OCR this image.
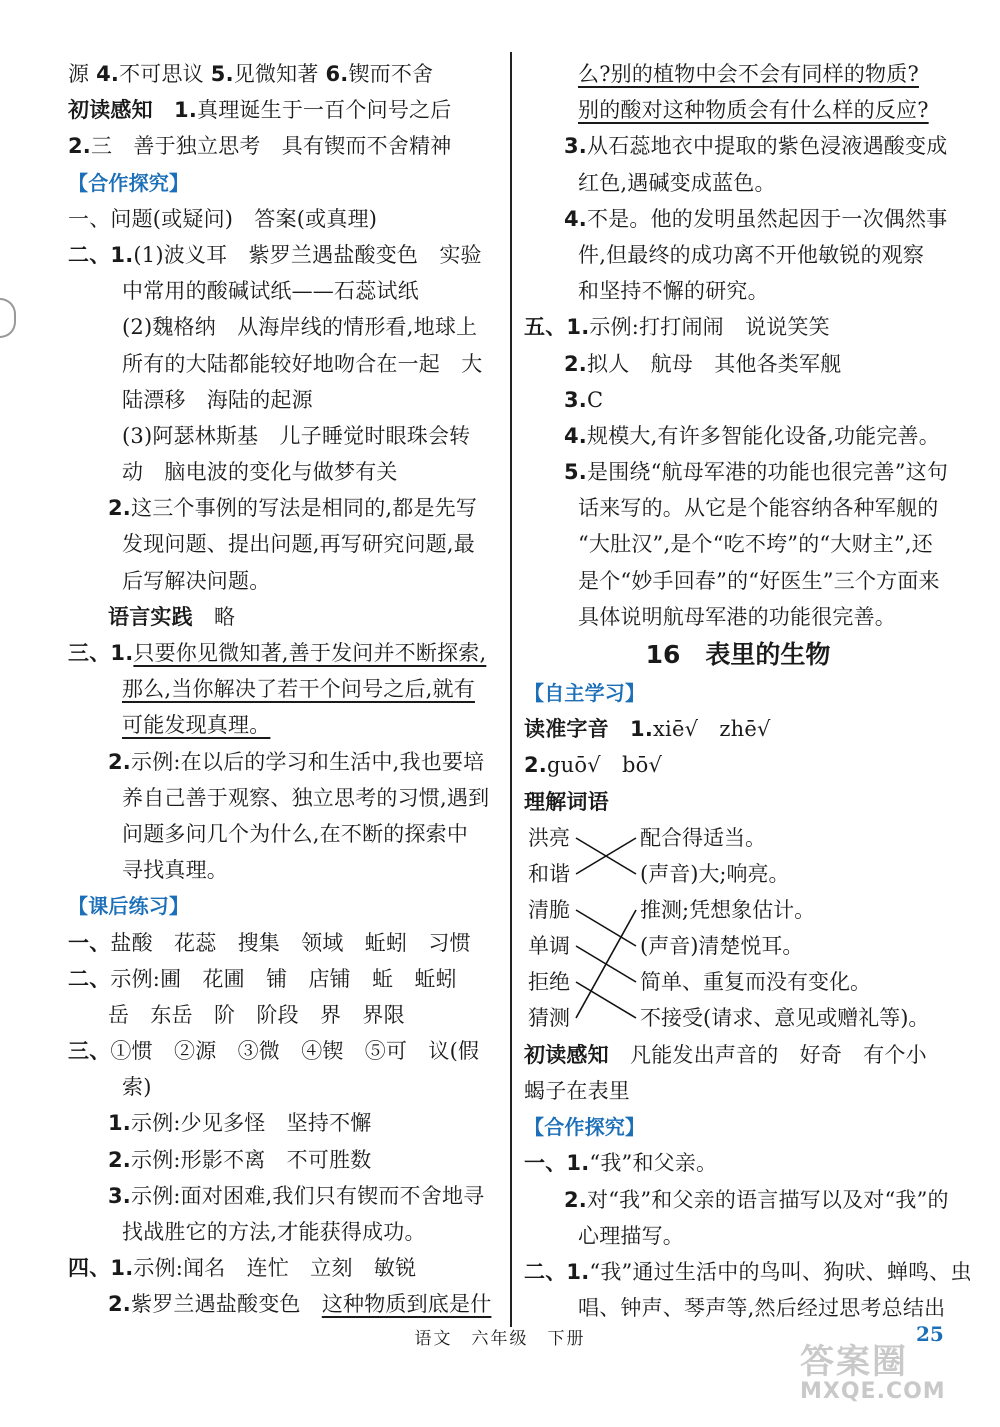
源 4.不可思议 5.见微知著 6.锲而不舍
初读感知　 1.真理诞生于一百个问号之后
2.三　善于独立思考　具有锲而不舍精神
【合作探究】
一、问题(或疑问)　答案(或真理)
二、1.(1)波义耳　紫罗兰遇盐酸变色　实验
中常用的酸碱试纸——石蕊试纸
(2)魏格纳　从海岸线的情形看,地球上
所有的大陆都能较好地吻合在一起　大
陆漂移　海陆的起源
(3)阿瑟林斯基　儿子睡觉时眼珠会转
动　脑电波的变化与做梦有关
2.这三个事例的写法是相同的,都是先写
发现问题、提出问题,再写研究问题,最
后写解决问题。
语言实践　略
三、1.只要你见微知著,善于发问并不断探索,
那么,当你解决了若干个问号之后,就有
可能发现真理。
2.示例:在以后的学习和生活中,我也要培
养自己善于观察、独立思考的习惯,遇到
问题多问几个为什么,在不断的探索中
寻找真理。
【课后练习】
一、盐酸　花蕊　搜集　领域　蚯蚓　习惯
二、示例:圃　花圃　铺　店铺　蚯　蚯蚓
岳　东岳　阶　阶段　界　界限
三、①惯　②源　③微　④锲　⑤可　议(假
索)
1.示例:少见多怪　坚持不懈
2.示例:形影不离　不可胜数
3.示例:面对困难,我们只有锲而不舍地寻
找战胜它的方法,才能获得成功。
四、1.示例:闻名　连忙　立刻　敏锐
2.紫罗兰遇盐酸变色　这种物质到底是什
么?别的植物中会不会有同样的物质?
别的酸对这种物质会有什么样的反应?
3.从石蕊地衣中提取的紫色浸液遇酸变成
红色,遇碱变成蓝色。
4.不是。他的发明虽然起因于一次偶然事
件,但最终的成功离不开他敏锐的观察
和坚持不懈的研究。
五、1.示例:打打闹闹　说说笑笑
2.拟人　航母　其他各类军舰
3.C
4.规模大,有许多智能化设备,功能完善。
5.是围绕“航母军港的功能也很完善”这句
话来写的。从它是个能容纳各种军舰的
“大肚汉”,是个“吃不垮”的“大财主”,还
是个“妙手回春”的“好医生”三个方面来
具体说明航母军港的功能很完善。
16　表里的生物
【自主学习】
读准字音　 1.xiē√　zhē√
2.guō√　bō√
理解词语
洪亮
和谐
清脆
单调
拒绝
猜测
配合得适当。
(声音)大;响亮。
推测;凭想象估计。
(声音)清楚悦耳。
简单、重复而没有变化。
不接受(请求、意见或赠礼等)。
初读感知　 凡能发出声音的　好奇　有个小
蝎子在表里
【合作探究】
一、1.“我”和父亲。
2.对“我”和父亲的语言描写以及对“我”的
心理描写。
二、1.“我”通过生活中的鸟叫、狗吠、蝉鸣、虫
唱、钟声、琴声等,然后经过思考总结出
语文　六年级　下册	25
答案圈
MXQE.COM
